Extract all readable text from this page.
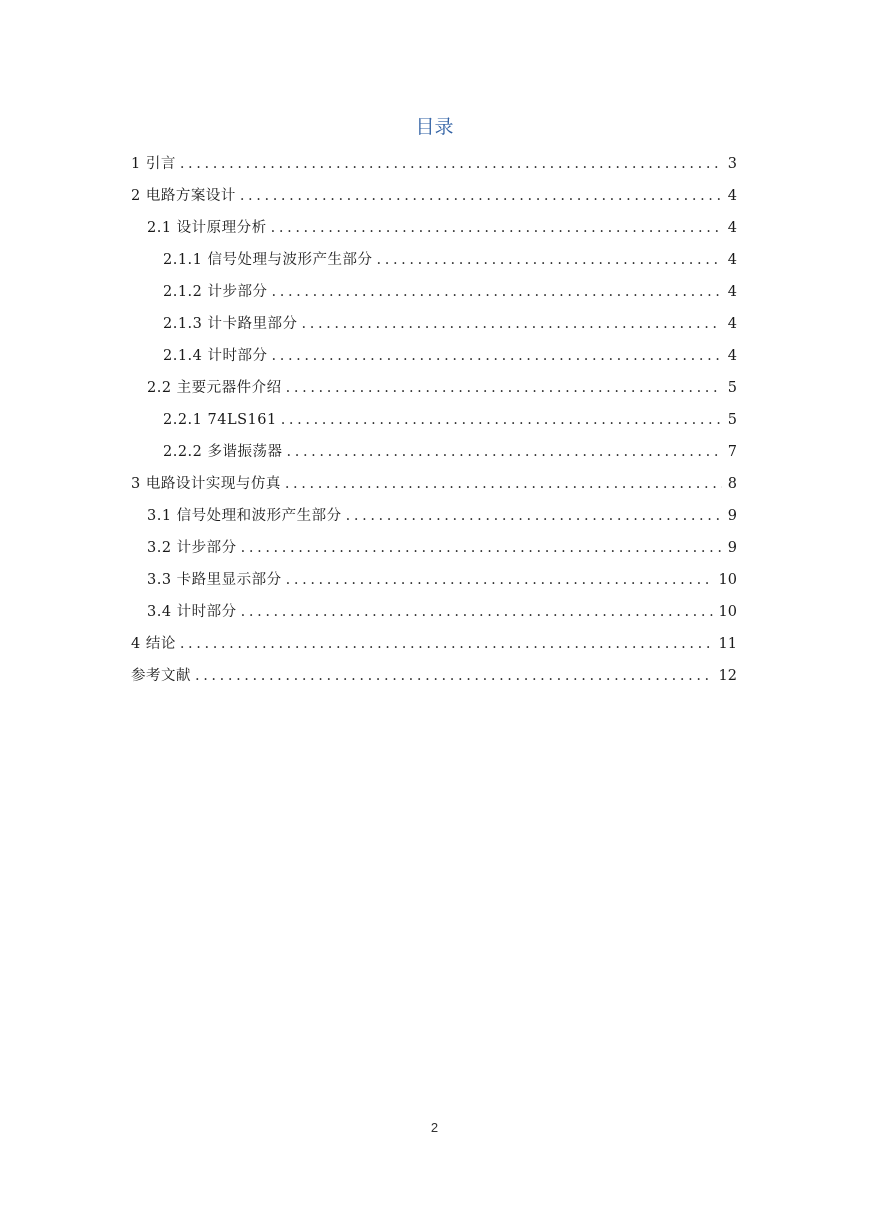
目录
1 引言 . . .	3
2 电路方案设计 . . .	4
2.1 设计原理分析 . . .	4
2.1.1 信号处理与波形产生部分 . . .	4
2.1.2 计步部分 . . .	4
2.1.3 计卡路里部分 . . .	4
2.1.4 计时部分 . . .	4
2.2 主要元器件介绍 . . .	5
2.2.1 74LS161 . . .	5
2.2.2 多谐振荡器 . . .	7
3 电路设计实现与仿真 . . .	8
3.1 信号处理和波形产生部分 . . .	9
3.2 计步部分 . . .	9
3.3 卡路里显示部分 . . .	10
3.4 计时部分 . . .	10
4 结论 . . .	11
参考文献 . . .	12
2
